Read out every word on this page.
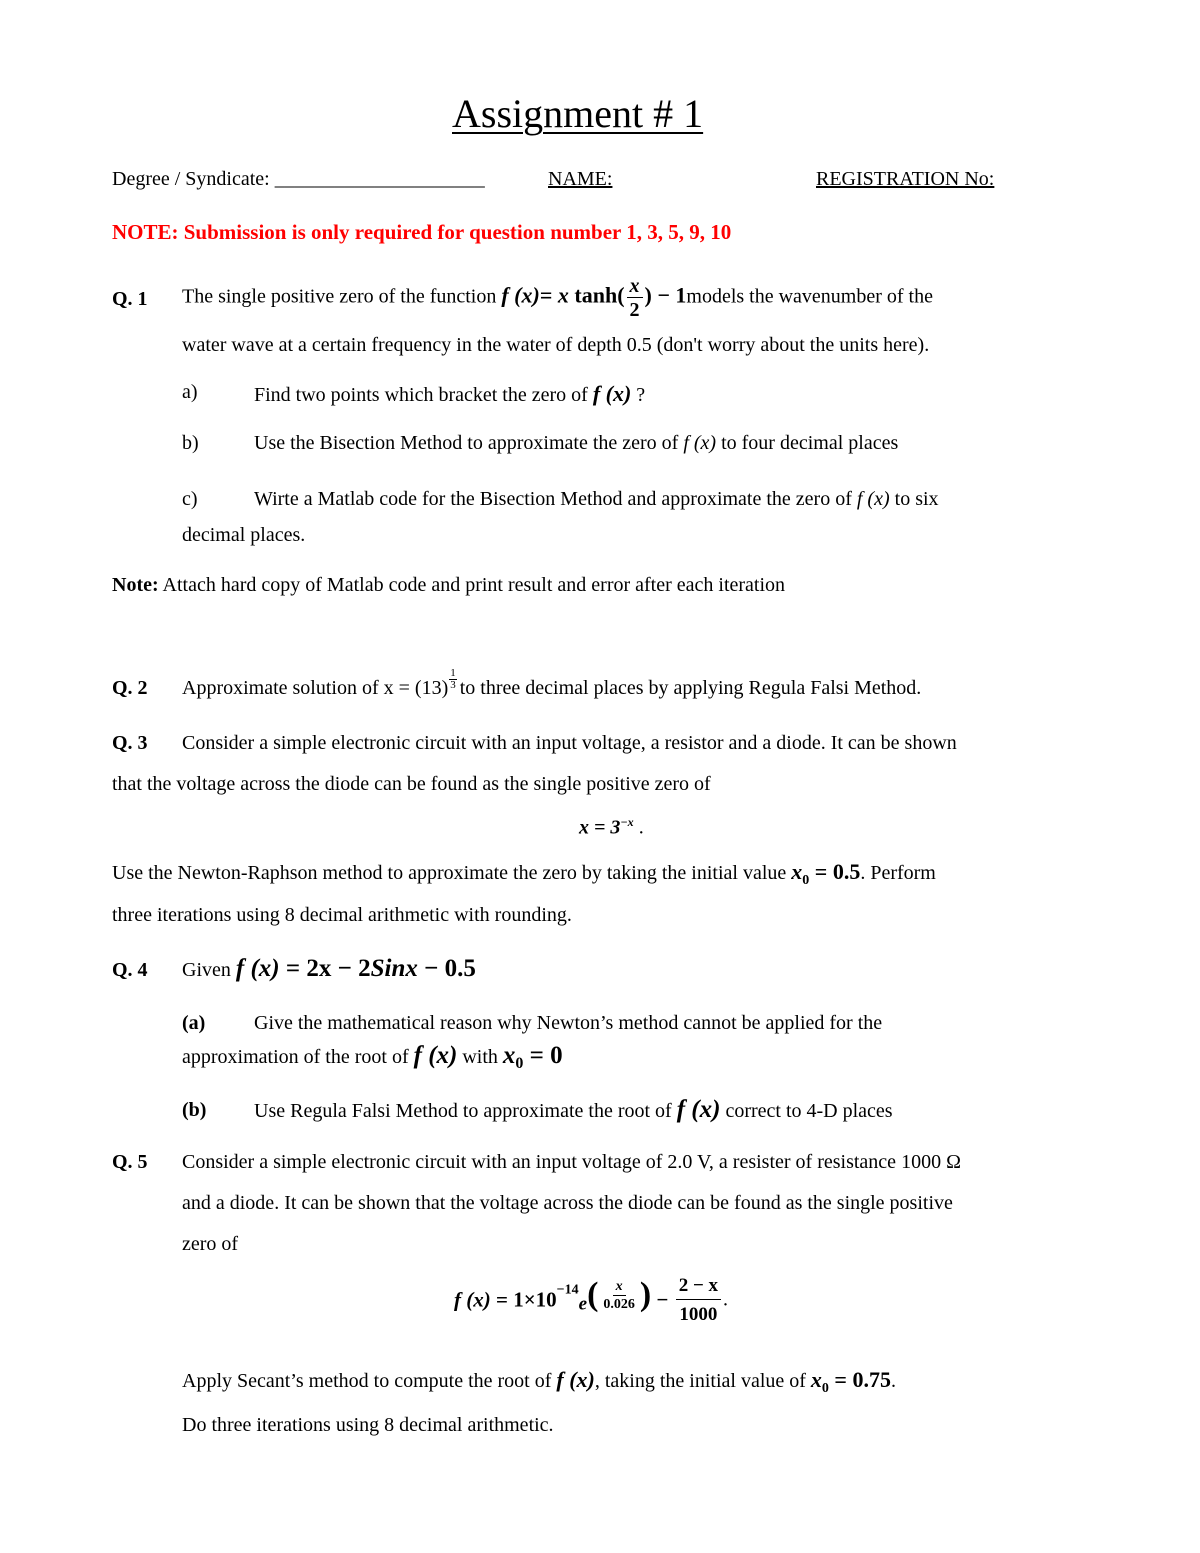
Assignment # 1
Degree / Syndicate: _____________________	NAME:	REGISTRATION No:
NOTE: Submission is only required for question number 1, 3, 5, 9, 10
Q. 1 The single positive zero of the function f (x)= x $\tanh( \frac{x}{2}$ ) − 1models the wavenumber of the
water wave at a certain frequency in the water of depth 0.5 (don't worry about the units here).
a)	Find two points which bracket the zero of f (x) ?
b)	Use the Bisection Method to approximate the zero of f (x) to four decimal places
c)	Wirte a Matlab code for the Bisection Method and approximate the zero of f (x) to six
decimal places.
Note: Attach hard copy of Matlab code and print result and error after each iteration
Q. 2 Approximate solution of $x = (13) \frac{1}{3}$ to three decimal places by applying Regula Falsi Method.
Q. 3 Consider a simple electronic circuit with an input voltage, a resistor and a diode. It can be shown
that the voltage across the diode can be found as the single positive zero of
$x = 3^{-x}$ .
Use the Newton-Raphson method to approximate the zero by taking the initial value $x_0 = 0.5$. Perform
three iterations using 8 decimal arithmetic with rounding.
Q. 4 Given f (x) = 2x − 2Sinx − 0.5
(a) Give the mathematical reason why Newton’s method cannot be applied for the
approximation of the root of f (x) with $x_0 = 0$
(b) Use Regula Falsi Method to approximate the root of f (x) correct to 4-D places
Q. 5 Consider a simple electronic circuit with an input voltage of 2.0 V, a resister of resistance 1000 Ω
and a diode. It can be shown that the voltage across the diode can be found as the single positive
zero of
f $(x) = 1\times 10-14e( \frac{x}{0.026}$ ) − $\frac{2 - x}{1000}$ .
Apply Secant’s method to compute the root of f (x), taking the initial value of $x_0 = 0.75$.
Do three iterations using 8 decimal arithmetic.
